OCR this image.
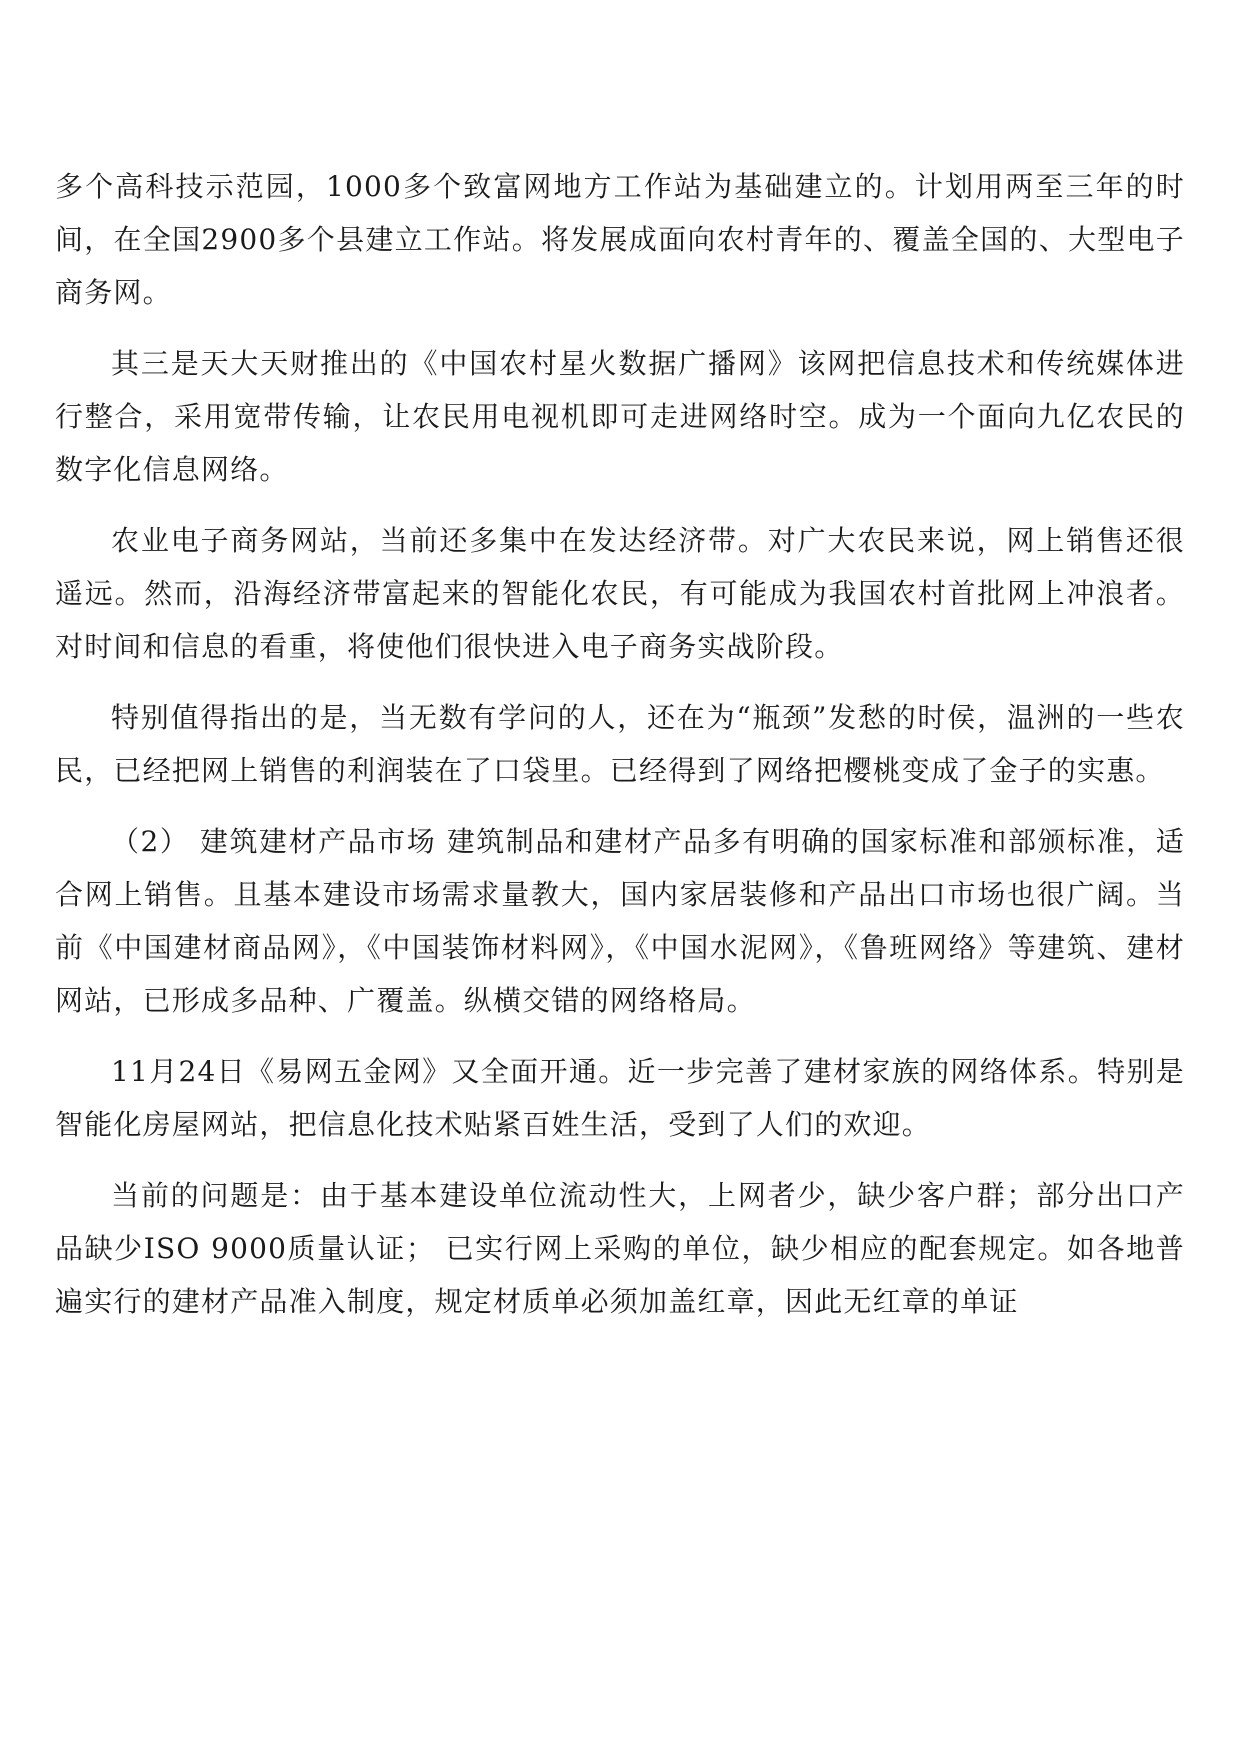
多个高科技示范园，1000多个致富网地方工作站为基础建立的。计划用两至三年的时间，在全国2900多个县建立工作站。将发展成面向农村青年的、覆盖全国的、大型电子商务网。

其三是天大天财推出的《中国农村星火数据广播网》该网把信息技术和传统媒体进行整合，采用宽带传输，让农民用电视机即可走进网络时空。成为一个面向九亿农民的数字化信息网络。

农业电子商务网站，当前还多集中在发达经济带。对广大农民来说，网上销售还很遥远。然而，沿海经济带富起来的智能化农民，有可能成为我国农村首批网上冲浪者。对时间和信息的看重，将使他们很快进入电子商务实战阶段。

特别值得指出的是，当无数有学问的人，还在为“瓶颈”发愁的时侯，温洲的一些农民，已经把网上销售的利润装在了口袋里。已经得到了网络把樱桃变成了金子的实惠。

（2） 建筑建材产品市场 建筑制品和建材产品多有明确的国家标准和部颁标准，适合网上销售。且基本建设市场需求量教大，国内家居装修和产品出口市场也很广阔。当前《中国建材商品网》，《中国装饰材料网》，《中国水泥网》，《鲁班网络》等建筑、建材网站，已形成多品种、广覆盖。纵横交错的网络格局。

11月24日《易网五金网》又全面开通。近一步完善了建材家族的网络体系。特别是智能化房屋网站，把信息化技术贴紧百姓生活，受到了人们的欢迎。

当前的问题是：由于基本建设单位流动性大，上网者少，缺少客户群；部分出口产品缺少ISO 9000质量认证； 已实行网上采购的单位，缺少相应的配套规定。如各地普遍实行的建材产品准入制度，规定材质单必须加盖红章，因此无红章的单证
